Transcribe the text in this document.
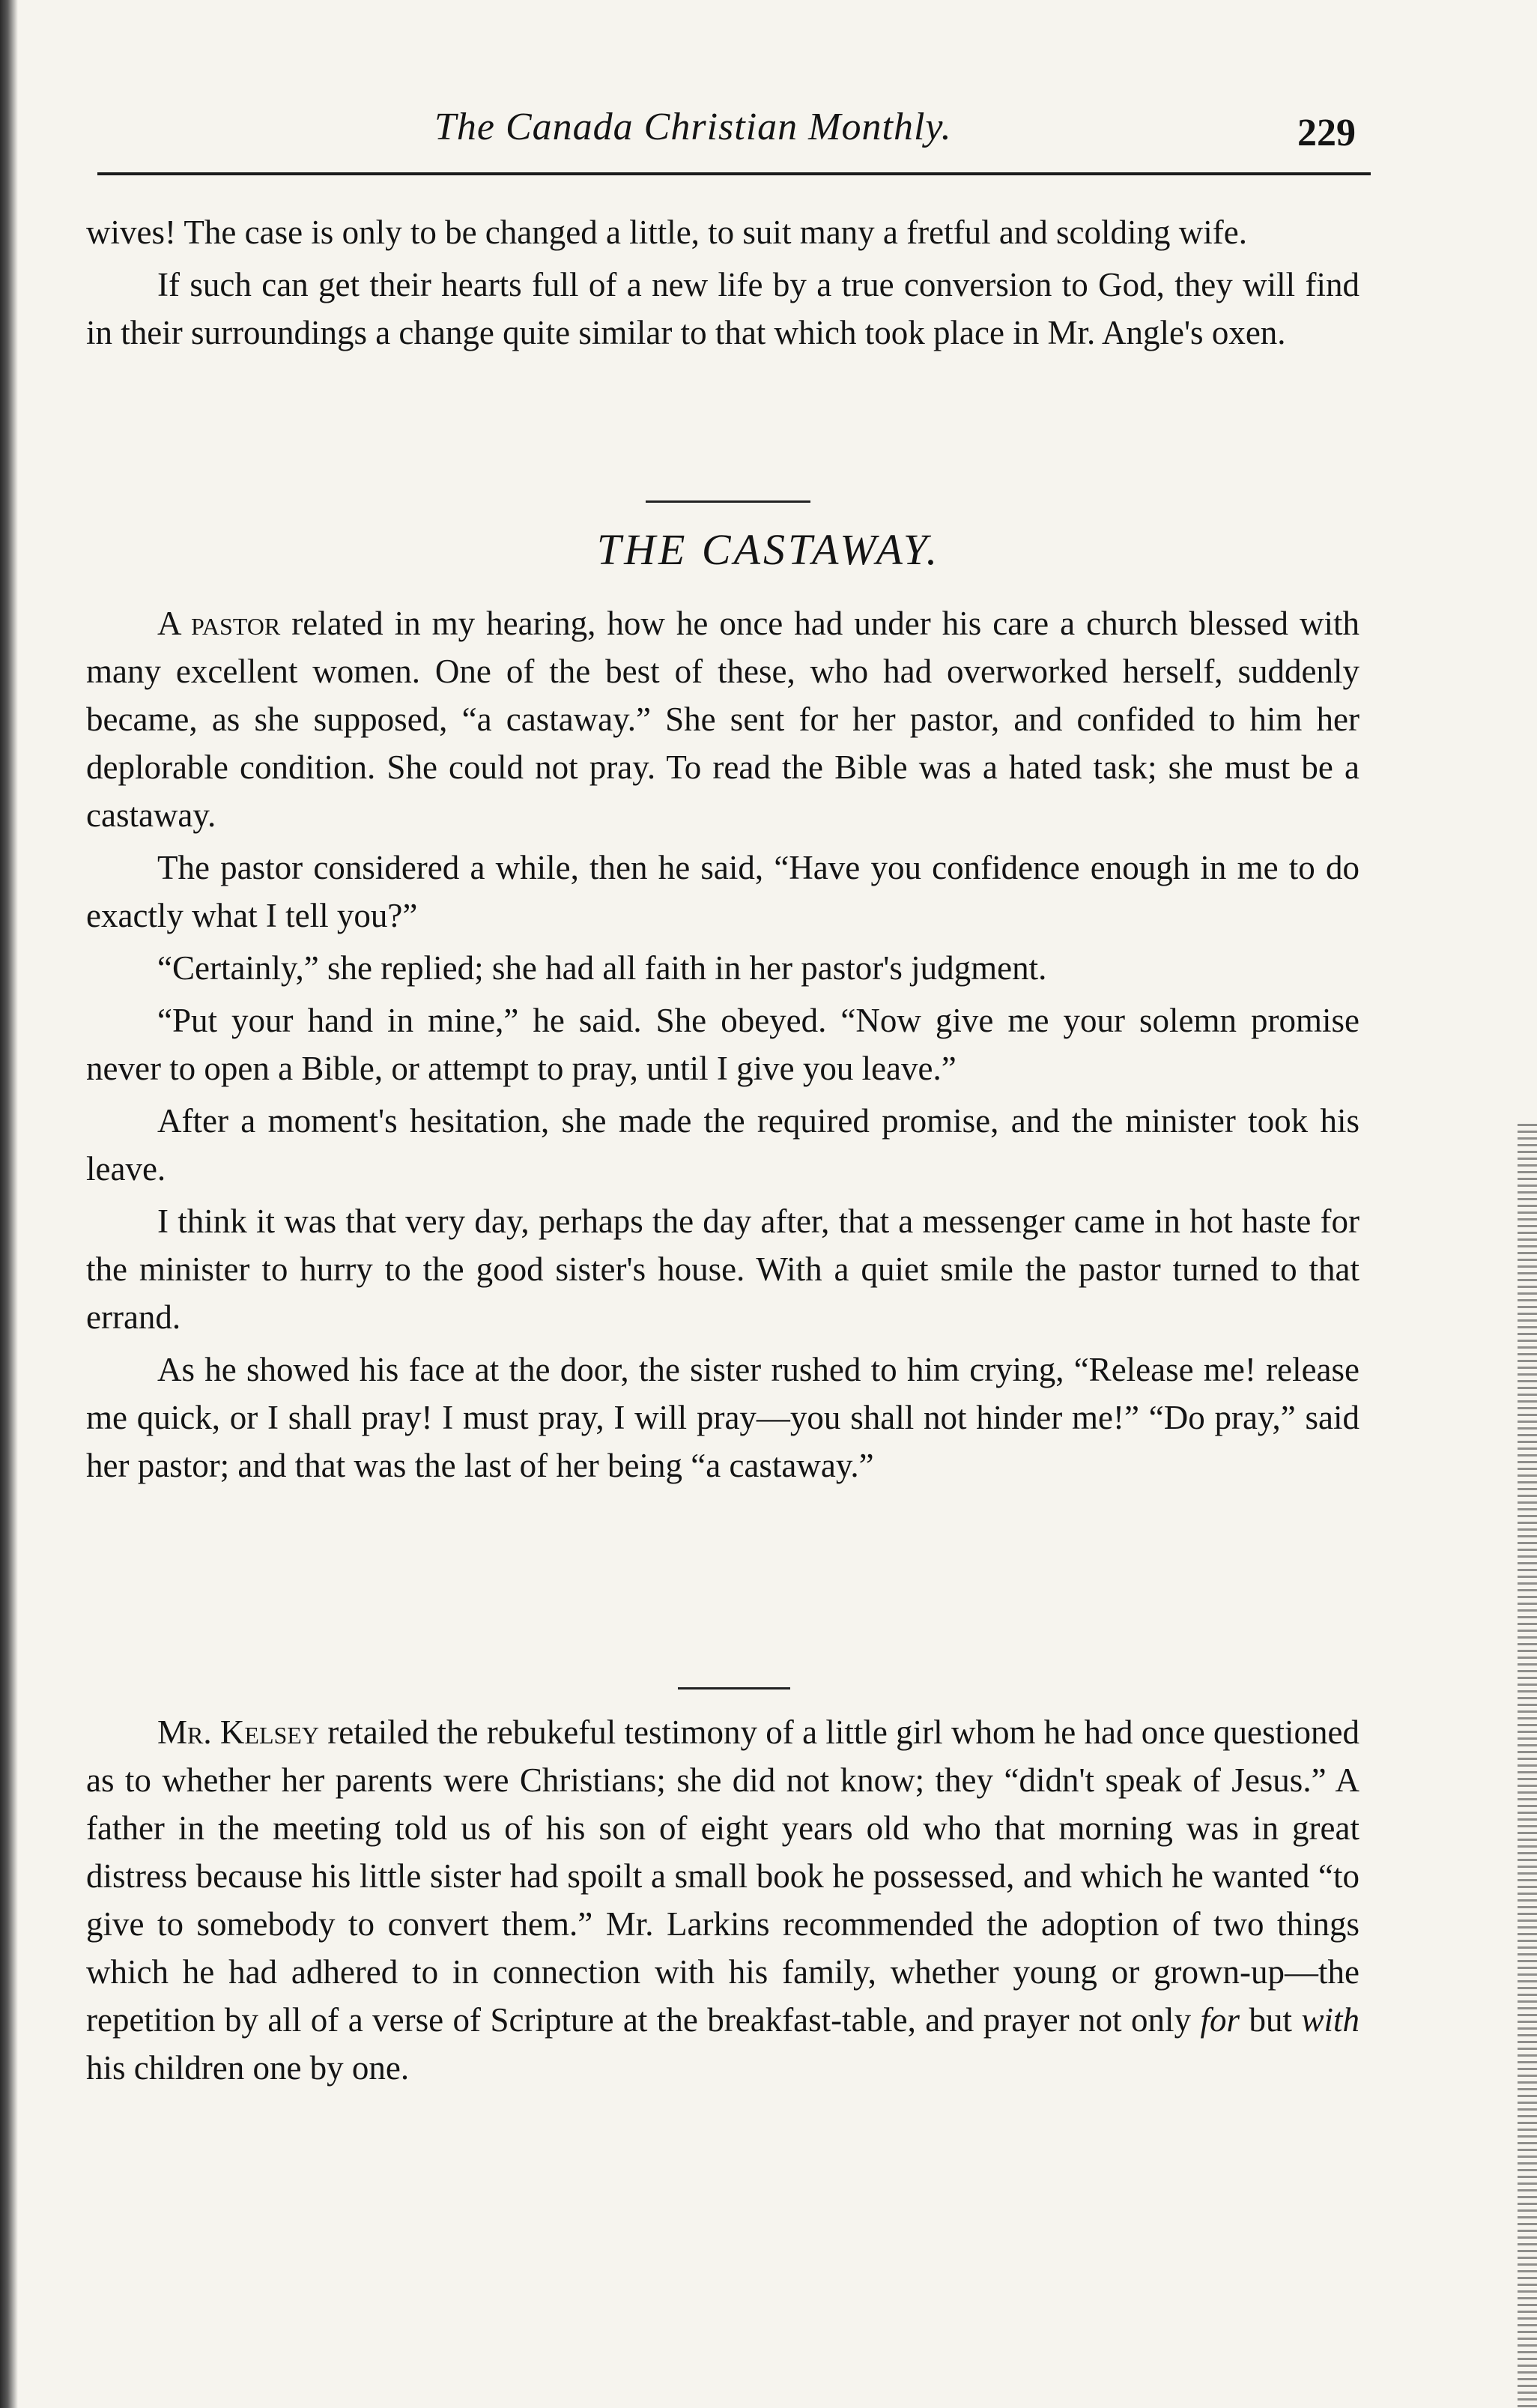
The Canada Christian Monthly.	229

wives! The case is only to be changed a little, to suit many a fretful and scolding wife.

If such can get their hearts full of a new life by a true conversion to God, they will find in their surroundings a change quite similar to that which took place in Mr. Angle's oxen.

THE CASTAWAY.

A pastor related in my hearing, how he once had under his care a church blessed with many excellent women. One of the best of these, who had overworked herself, suddenly became, as she supposed, “a castaway.” She sent for her pastor, and confided to him her deplorable condition. She could not pray. To read the Bible was a hated task; she must be a castaway.

The pastor considered a while, then he said, “Have you confidence enough in me to do exactly what I tell you?”

“Certainly,” she replied; she had all faith in her pastor's judgment.

“Put your hand in mine,” he said. She obeyed. “Now give me your solemn promise never to open a Bible, or attempt to pray, until I give you leave.”

After a moment's hesitation, she made the required promise, and the minister took his leave.

I think it was that very day, perhaps the day after, that a messenger came in hot haste for the minister to hurry to the good sister's house. With a quiet smile the pastor turned to that errand.

As he showed his face at the door, the sister rushed to him crying, “Release me! release me quick, or I shall pray! I must pray, I will pray—you shall not hinder me!” “Do pray,” said her pastor; and that was the last of her being “a castaway.”

Mr. Kelsey retailed the rebukeful testimony of a little girl whom he had once questioned as to whether her parents were Christians; she did not know; they “didn't speak of Jesus.” A father in the meeting told us of his son of eight years old who that morning was in great distress because his little sister had spoilt a small book he possessed, and which he wanted “to give to somebody to convert them.” Mr. Larkins recommended the adoption of two things which he had adhered to in connection with his family, whether young or grown-up—the repetition by all of a verse of Scripture at the breakfast-table, and prayer not only for but with his children one by one.
